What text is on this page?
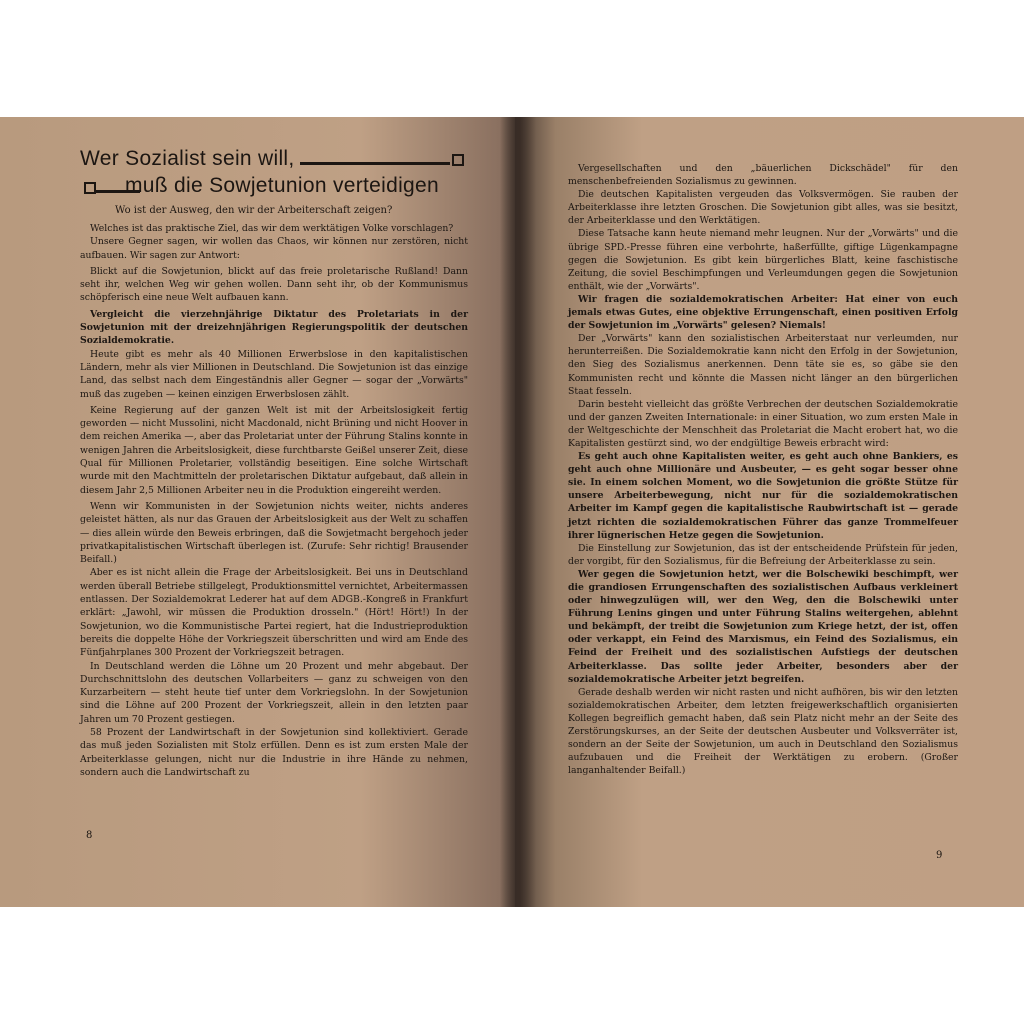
Wer Sozialist sein will,
muß die Sowjetunion verteidigen
Wo ist der Ausweg, den wir der Arbeiterschaft zeigen?

Welches ist das praktische Ziel, das wir dem werktätigen Volke vorschlagen?

Unsere Gegner sagen, wir wollen das Chaos, wir können nur zerstören, nicht aufbauen. Wir sagen zur Antwort:

Blickt auf die Sowjetunion, blickt auf das freie proletarische Rußland! Dann seht ihr, welchen Weg wir gehen wollen. Dann seht ihr, ob der Kommunismus schöpferisch eine neue Welt aufbauen kann.

Vergleicht die vierzehnjährige Diktatur des Proletariats in der Sowjetunion mit der dreizehnjährigen Regierungspolitik der deutschen Sozialdemokratie.

Heute gibt es mehr als 40 Millionen Erwerbslose in den kapitalistischen Ländern, mehr als vier Millionen in Deutschland. Die Sowjetunion ist das einzige Land, das selbst nach dem Eingeständnis aller Gegner — sogar der „Vorwärts" muß das zugeben — keinen einzigen Erwerbslosen zählt.

Keine Regierung auf der ganzen Welt ist mit der Arbeitslosigkeit fertig geworden — nicht Mussolini, nicht Macdonald, nicht Brüning und nicht Hoover in dem reichen Amerika —, aber das Proletariat unter der Führung Stalins konnte in wenigen Jahren die Arbeitslosigkeit, diese furchtbarste Geißel unserer Zeit, diese Qual für Millionen Proletarier, vollständig beseitigen. Eine solche Wirtschaft wurde mit den Machtmitteln der proletarischen Diktatur aufgebaut, daß allein in diesem Jahr 2,5 Millionen Arbeiter neu in die Produktion eingereiht werden.

Wenn wir Kommunisten in der Sowjetunion nichts weiter, nichts anderes geleistet hätten, als nur das Grauen der Arbeitslosigkeit aus der Welt zu schaffen — dies allein würde den Beweis erbringen, daß die Sowjetmacht bergehoch jeder privatkapitalistischen Wirtschaft überlegen ist. (Zurufe: Sehr richtig! Brausender Beifall.)

Aber es ist nicht allein die Frage der Arbeitslosigkeit. Bei uns in Deutschland werden überall Betriebe stillgelegt, Produktionsmittel vernichtet, Arbeitermassen entlassen. Der Sozialdemokrat Lederer hat auf dem ADGB.-Kongreß in Frankfurt erklärt: „Jawohl, wir müssen die Produktion drosseln." (Hört! Hört!) In der Sowjetunion, wo die Kommunistische Partei regiert, hat die Industrieproduktion bereits die doppelte Höhe der Vorkriegszeit überschritten und wird am Ende des Fünfjahrplanes 300 Prozent der Vorkriegszeit betragen.

In Deutschland werden die Löhne um 20 Prozent und mehr abgebaut. Der Durchschnittslohn des deutschen Vollarbeiters — ganz zu schweigen von den Kurzarbeitern — steht heute tief unter dem Vorkriegslohn. In der Sowjetunion sind die Löhne auf 200 Prozent der Vorkriegszeit, allein in den letzten paar Jahren um 70 Prozent gestiegen.

58 Prozent der Landwirtschaft in der Sowjetunion sind kollektiviert. Gerade das muß jeden Sozialisten mit Stolz erfüllen. Denn es ist zum ersten Male der Arbeiterklasse gelungen, nicht nur die Industrie in ihre Hände zu nehmen, sondern auch die Landwirtschaft zu

8

Vergesellschaften und den „bäuerlichen Dickschädel" für den menschenbefreienden Sozialismus zu gewinnen.

Die deutschen Kapitalisten vergeuden das Volksvermögen. Sie rauben der Arbeiterklasse ihre letzten Groschen. Die Sowjetunion gibt alles, was sie besitzt, der Arbeiterklasse und den Werktätigen.

Diese Tatsache kann heute niemand mehr leugnen. Nur der „Vorwärts" und die übrige SPD.-Presse führen eine verbohrte, haßerfüllte, giftige Lügenkampagne gegen die Sowjetunion. Es gibt kein bürgerliches Blatt, keine faschistische Zeitung, die soviel Beschimpfungen und Verleumdungen gegen die Sowjetunion enthält, wie der „Vorwärts".

Wir fragen die sozialdemokratischen Arbeiter: Hat einer von euch jemals etwas Gutes, eine objektive Errungenschaft, einen positiven Erfolg der Sowjetunion im „Vorwärts" gelesen? Niemals!

Der „Vorwärts" kann den sozialistischen Arbeiterstaat nur verleumden, nur herunterreißen. Die Sozialdemokratie kann nicht den Erfolg in der Sowjetunion, den Sieg des Sozialismus anerkennen. Denn täte sie es, so gäbe sie den Kommunisten recht und könnte die Massen nicht länger an den bürgerlichen Staat fesseln.

Darin besteht vielleicht das größte Verbrechen der deutschen Sozialdemokratie und der ganzen Zweiten Internationale: in einer Situation, wo zum ersten Male in der Weltgeschichte der Menschheit das Proletariat die Macht erobert hat, wo die Kapitalisten gestürzt sind, wo der endgültige Beweis erbracht wird:

Es geht auch ohne Kapitalisten weiter, es geht auch ohne Bankiers, es geht auch ohne Millionäre und Ausbeuter, — es geht sogar besser ohne sie. In einem solchen Moment, wo die Sowjetunion die größte Stütze für unsere Arbeiterbewegung, nicht nur für die sozialdemokratischen Arbeiter im Kampf gegen die kapitalistische Raubwirtschaft ist — gerade jetzt richten die sozialdemokratischen Führer das ganze Trommelfeuer ihrer lügnerischen Hetze gegen die Sowjetunion.

Die Einstellung zur Sowjetunion, das ist der entscheidende Prüfstein für jeden, der vorgibt, für den Sozialismus, für die Befreiung der Arbeiterklasse zu sein.

Wer gegen die Sowjetunion hetzt, wer die Bolschewiki beschimpft, wer die grandiosen Errungenschaften des sozialistischen Aufbaus verkleinert oder hinwegzulügen will, wer den Weg, den die Bolschewiki unter Führung Lenins gingen und unter Führung Stalins weitergehen, ablehnt und bekämpft, der treibt die Sowjetunion zum Kriege hetzt, der ist, offen oder verkappt, ein Feind des Marxismus, ein Feind des Sozialismus, ein Feind der Freiheit und des sozialistischen Aufstiegs der deutschen Arbeiterklasse. Das sollte jeder Arbeiter, besonders aber der sozialdemokratische Arbeiter jetzt begreifen.

Gerade deshalb werden wir nicht rasten und nicht aufhören, bis wir den letzten sozialdemokratischen Arbeiter, dem letzten freigewerkschaftlich organisierten Kollegen begreiflich gemacht haben, daß sein Platz nicht mehr an der Seite des Zerstörungskurses, an der Seite der deutschen Ausbeuter und Volksverräter ist, sondern an der Seite der Sowjetunion, um auch in Deutschland den Sozialismus aufzubauen und die Freiheit der Werktätigen zu erobern. (Großer langanhaltender Beifall.)

9
